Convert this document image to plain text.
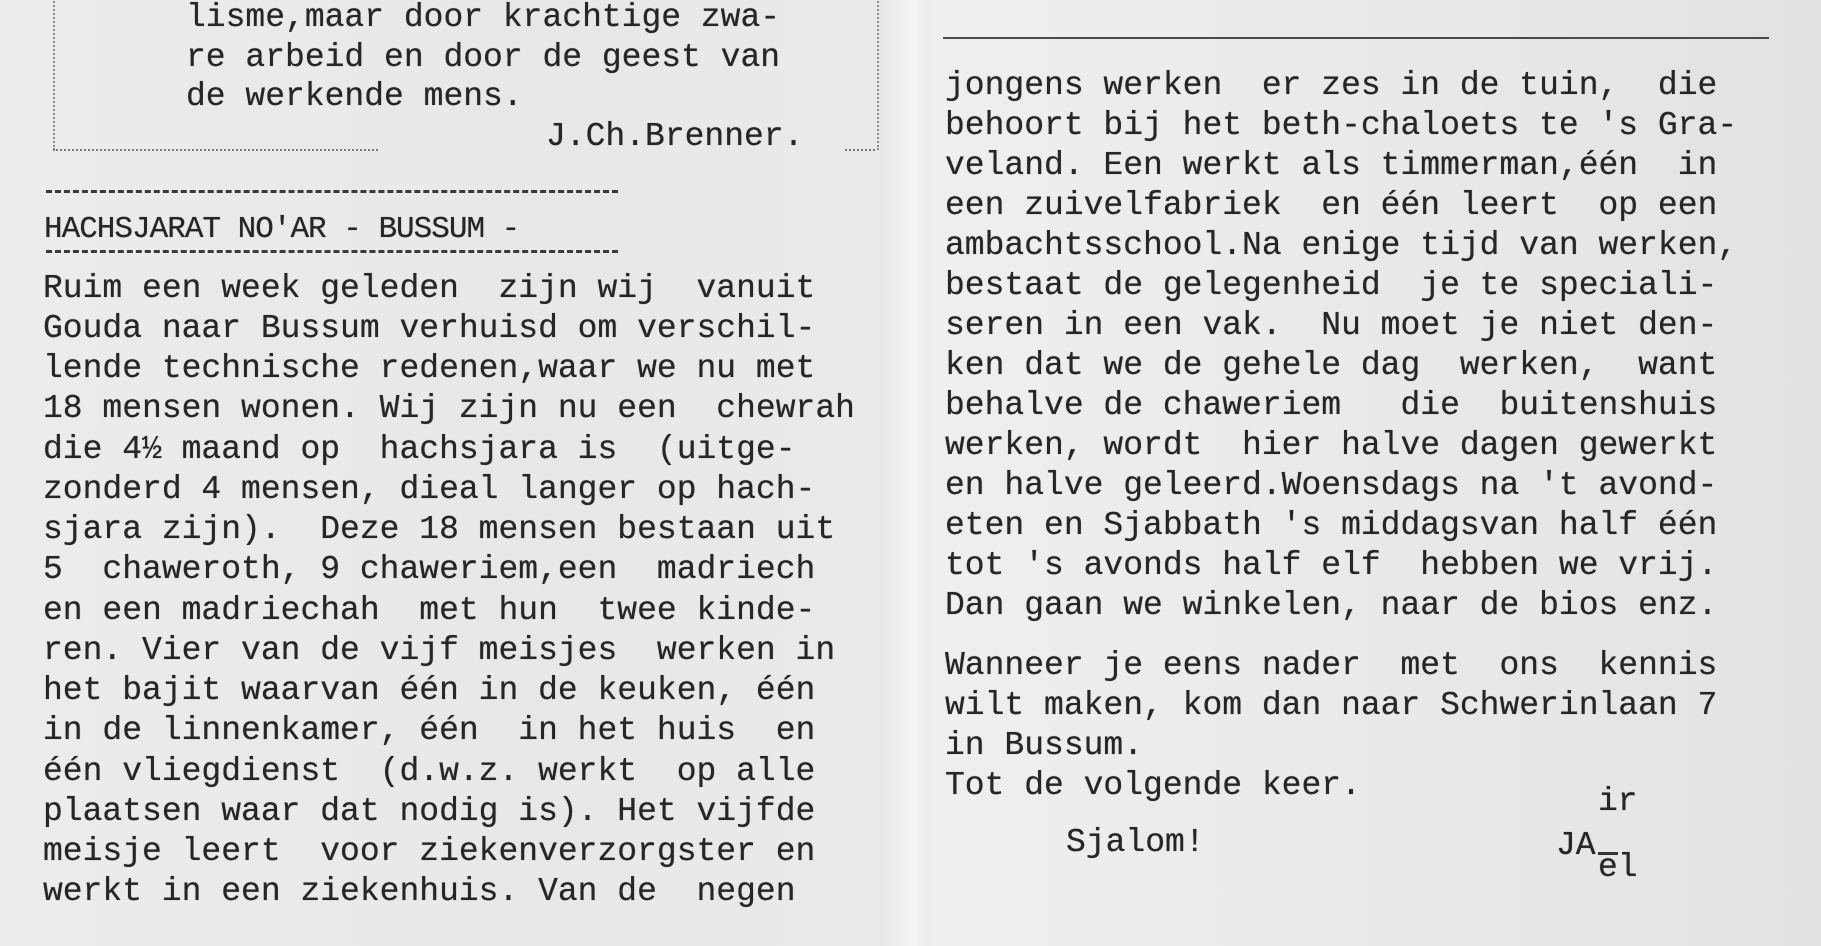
lisme,maar door krachtige zwa-
re arbeid en door de geest van
de werkende mens.
J.Ch.Brenner.
HACHSJARAT NO'AR - BUSSUM -
Ruim een week geleden  zijn wij  vanuit
Gouda naar Bussum verhuisd om verschil-
lende technische redenen,waar we nu met
18 mensen wonen. Wij zijn nu een  chewrah
die 4½ maand op  hachsjara is  (uitge-
zonderd 4 mensen, dieal langer op hach-
sjara zijn).  Deze 18 mensen bestaan uit
5  chaweroth, 9 chaweriem,een  madriech
en een madriechah  met hun  twee kinde-
ren. Vier van de vijf meisjes  werken in
het bajit waarvan één in de keuken, één
in de linnenkamer, één  in het huis  en
één vliegdienst  (d.w.z. werkt  op alle
plaatsen waar dat nodig is). Het vijfde
meisje leert  voor ziekenverzorgster en
werkt in een ziekenhuis. Van de  negen
jongens werken  er zes in de tuin,  die
behoort bij het beth-chaloets te 's Gra-
veland. Een werkt als timmerman,één  in
een zuivelfabriek  en één leert  op een
ambachtsschool.Na enige tijd van werken,
bestaat de gelegenheid  je te speciali-
seren in een vak.  Nu moet je niet den-
ken dat we de gehele dag  werken,  want
behalve de chaweriem   die  buitenshuis
werken, wordt  hier halve dagen gewerkt
en halve geleerd.Woensdags na 't avond-
eten en Sjabbath 's middagsvan half één
tot 's avonds half elf  hebben we vrij.
Dan gaan we winkelen, naar de bios enz.
Wanneer je eens nader  met  ons  kennis
wilt maken, kom dan naar Schwerinlaan 7
in Bussum.
Tot de volgende keer.
Sjalom!
ir
JA
el
